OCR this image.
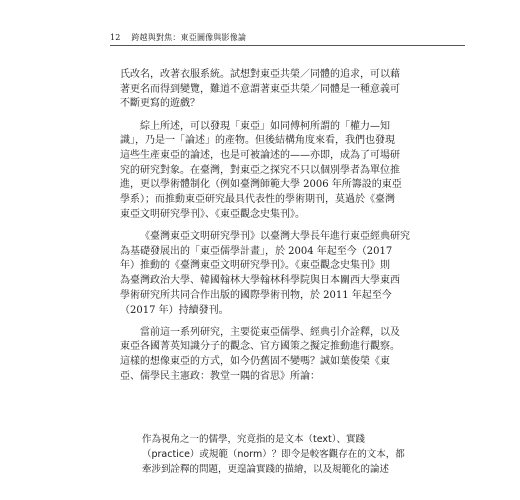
12 跨越與對焦：東亞圖像與影像論

氏改名，改著衣服系統。試想對東亞共榮／同體的追求，可以藉
著更名而得到變覽，難道不意謂著東亞共榮／同體是一種意義可
不斷更寫的遊戲？

綜上所述，可以發現「東亞」如同傅柯所謂的「權力—知
識」，乃是一「論述」的產物。但後結構角度來看，我們也發現
這些生產東亞的論述，也是可被論述的——亦即，成為了可場研
究的研究對象。在臺灣，對東亞之探究不只以個別學者為單位推
進，更以學術體制化（例如臺灣師範大學 2006 年所籌設的東亞
學系）；而推動東亞研究最具代表性的學術期刊，莫過於《臺灣
東亞文明研究學刊》、《東亞觀念史集刊》。

《臺灣東亞文明研究學刊》以臺灣大學長年進行東亞經典研究
為基礎發展出的「東亞儒學計畫」，於 2004 年起至今（2017
年）推動的《臺灣東亞文明研究學刊》。《東亞觀念史集刊》則
為臺灣政治大學、韓國翰林大學翰林科學院與日本關西大學東西
學術研究所共同合作出版的國際學術刊物，於 2011 年起至今
（2017 年）持續發刊。

當前這一系列研究，主要從東亞儒學、經典引介詮釋，以及
東亞各國菁英知識分子的觀念、官方國策之擬定推動進行觀察。
這樣的想像東亞的方式，如今仍舊固不變嗎？誠如葉俊榮《東
亞、儒學民主憲政：教堂一隅的省思》所論：

作為視角之一的儒學，究竟指的是文本（text）、實踐
（practice）或規範（norm）？即令是較客觀存在的文本，都
牽涉到詮釋的問題，更遑論實踐的描繪，以及規範化的論述
